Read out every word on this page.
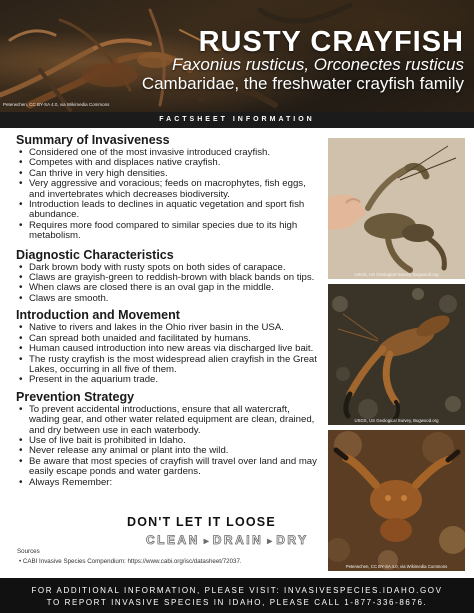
RUSTY CRAYFISH
Faxonius rusticus, Orconectes rusticus
Cambaridae, the freshwater crayfish family
Peterwchen, CC BY-SA 4.0, via Wikimedia Commons
FACTSHEET INFORMATION
Summary of Invasiveness
• Considered one of the most invasive introduced crayfish.
• Competes with and displaces native crayfish.
• Can thrive in very high densities.
• Very aggressive and voracious; feeds on macrophytes, fish eggs, and invertebrates which decreases biodiversity.
• Introduction leads to declines in aquatic vegetation and sport fish abundance.
• Requires more food compared to similar species due to its high metabolism.
Diagnostic Characteristics
• Dark brown body with rusty spots on both sides of carapace.
• Claws are grayish-green to reddish-brown with black bands on tips.
• When claws are closed there is an oval gap in the middle.
• Claws are smooth.
Introduction and Movement
• Native to rivers and lakes in the Ohio river basin in the USA.
• Can spread both unaided and facilitated by humans.
• Human caused introduction into new areas via discharged live bait.
• The rusty crayfish is the most widespread alien crayfish in the Great Lakes, occurring in all five of them.
• Present in the aquarium trade.
Prevention Strategy
• To prevent accidental introductions, ensure that all watercraft, wading gear, and other water related equipment are clean, drained, and dry between use in each waterbody.
• Use of live bait is prohibited in Idaho.
• Never release any animal or plant into the wild.
• Be aware that most species of crayfish will travel over land and may easily escape ponds and water gardens.
• Always Remember:
DON'T LET IT LOOSE
CLEAN ► DRAIN ► DRY
Sources
• CABI Invasive Species Compendium: https://www.cabi.org/isc/datasheet/72037.
USGS, US Geological Survey, Bugwood.org
USGS, US Geological Survey, Bugwood.org
Peterwchen, CC BY-SA 4.0, via Wikimedia Commons
FOR ADDITIONAL INFORMATION, PLEASE VISIT: INVASIVESPECIES.IDAHO.GOV
TO REPORT INVASIVE SPECIES IN IDAHO, PLEASE CALL 1-877-336-8676.
